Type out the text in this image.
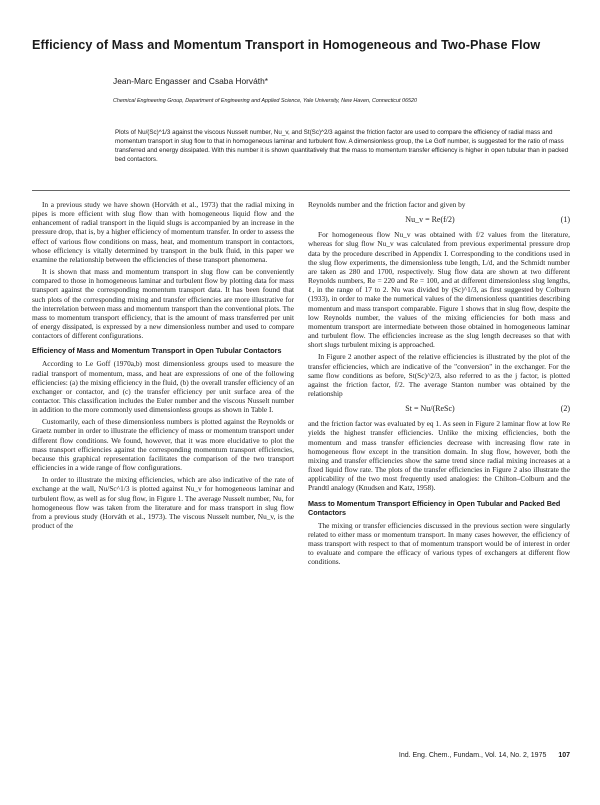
Efficiency of Mass and Momentum Transport in Homogeneous and Two-Phase Flow
Jean-Marc Engasser and Csaba Horváth*
Chemical Engineering Group, Department of Engineering and Applied Science, Yale University, New Haven, Connecticut 06520
Plots of Nu/(Sc)^1/3 against the viscous Nusselt number, Nu_v, and St(Sc)^2/3 against the friction factor are used to compare the efficiency of radial mass and momentum transport in slug flow to that in homogeneous laminar and turbulent flow. A dimensionless group, the Le Goff number, is suggested for the ratio of mass transferred and energy dissipated. With this number it is shown quantitatively that the mass to momentum transfer efficiency is higher in open tubular than in packed bed contactors.

In a previous study we have shown (Horváth et al., 1973) that the radial mixing in pipes is more efficient with slug flow than with homogeneous liquid flow and the enhancement of radial transport in the liquid slugs is accompanied by an increase in the pressure drop, that is, by a higher efficiency of momentum transfer. In order to assess the effect of various flow conditions on mass, heat, and momentum transport in contactors, whose efficiency is vitally determined by transport in the bulk fluid, in this paper we examine the relationship between the efficiencies of these transport phenomena.

It is shown that mass and momentum transport in slug flow can be conveniently compared to those in homogeneous laminar and turbulent flow by plotting data for mass transport against the corresponding momentum transport data. It has been found that such plots of the corresponding mixing and transfer efficiencies are more illustrative for the interrelation between mass and momentum transport than the conventional plots. The mass to momentum transport efficiency, that is the amount of mass transferred per unit of energy dissipated, is expressed by a new dimensionless number and used to compare contactors of different configurations.

Efficiency of Mass and Momentum Transport in Open Tubular Contactors

According to Le Goff (1970a,b) most dimensionless groups used to measure the radial transport of momentum, mass, and heat are expressions of one of the following efficiencies: (a) the mixing efficiency in the fluid, (b) the overall transfer efficiency of an exchanger or contactor, and (c) the transfer efficiency per unit surface area of the contactor. This classification includes the Euler number and the viscous Nusselt number in addition to the more commonly used dimensionless groups as shown in Table I.

Customarily, each of these dimensionless numbers is plotted against the Reynolds or Graetz number in order to illustrate the efficiency of mass or momentum transport under different flow conditions. We found, however, that it was more elucidative to plot the mass transport efficiencies against the corresponding momentum transport efficiencies, because this graphical representation facilitates the comparison of the two transport efficiencies in a wide range of flow configurations.

In order to illustrate the mixing efficiencies, which are also indicative of the rate of exchange at the wall, Nu/Sc^1/3 is plotted against Nu_v for homogeneous laminar and turbulent flow, as well as for slug flow, in Figure 1. The average Nusselt number, Nu, for homogeneous flow was taken from the literature and for mass transport in slug flow from a previous study (Horváth et al., 1973). The viscous Nusselt number, Nu_v, is the product of the

Reynolds number and the friction factor and given by

Nu_v = Re(f/2)	(1)

For homogeneous flow Nu_v was obtained with f/2 values from the literature, whereas for slug flow Nu_v was calculated from previous experimental pressure drop data by the procedure described in Appendix I. Corresponding to the conditions used in the slug flow experiments, the dimensionless tube length, L/d, and the Schmidt number are taken as 280 and 1700, respectively. Slug flow data are shown at two different Reynolds numbers, Re = 220 and Re = 100, and at different dimensionless slug lengths, ℓ, in the range of 17 to 2. Nu was divided by (Sc)^1/3, as first suggested by Colburn (1933), in order to make the numerical values of the dimensionless quantities describing momentum and mass transport comparable. Figure 1 shows that in slug flow, despite the low Reynolds number, the values of the mixing efficiencies for both mass and momentum transport are intermediate between those obtained in homogeneous laminar and turbulent flow. The efficiencies increase as the slug length decreases so that with short slugs turbulent mixing is approached.

In Figure 2 another aspect of the relative efficiencies is illustrated by the plot of the transfer efficiencies, which are indicative of the "conversion" in the exchanger. For the same flow conditions as before, St(Sc)^2/3, also referred to as the j factor, is plotted against the friction factor, f/2. The average Stanton number was obtained by the relationship

St = Nu/(ReSc)	(2)

and the friction factor was evaluated by eq 1. As seen in Figure 2 laminar flow at low Re yields the highest transfer efficiencies. Unlike the mixing efficiencies, both the momentum and mass transfer efficiencies decrease with increasing flow rate in homogeneous flow except in the transition domain. In slug flow, however, both the mixing and transfer efficiencies show the same trend since radial mixing increases at a fixed liquid flow rate. The plots of the transfer efficiencies in Figure 2 also illustrate the applicability of the two most frequently used analogies: the Chilton–Colburn and the Prandtl analogy (Knudsen and Katz, 1958).

Mass to Momentum Transport Efficiency in Open Tubular and Packed Bed Contactors

The mixing or transfer efficiencies discussed in the previous section were singularly related to either mass or momentum transport. In many cases however, the efficiency of mass transport with respect to that of momentum transport would be of interest in order to evaluate and compare the efficacy of various types of exchangers at different flow conditions.

Ind. Eng. Chem., Fundam., Vol. 14, No. 2, 1975 107
